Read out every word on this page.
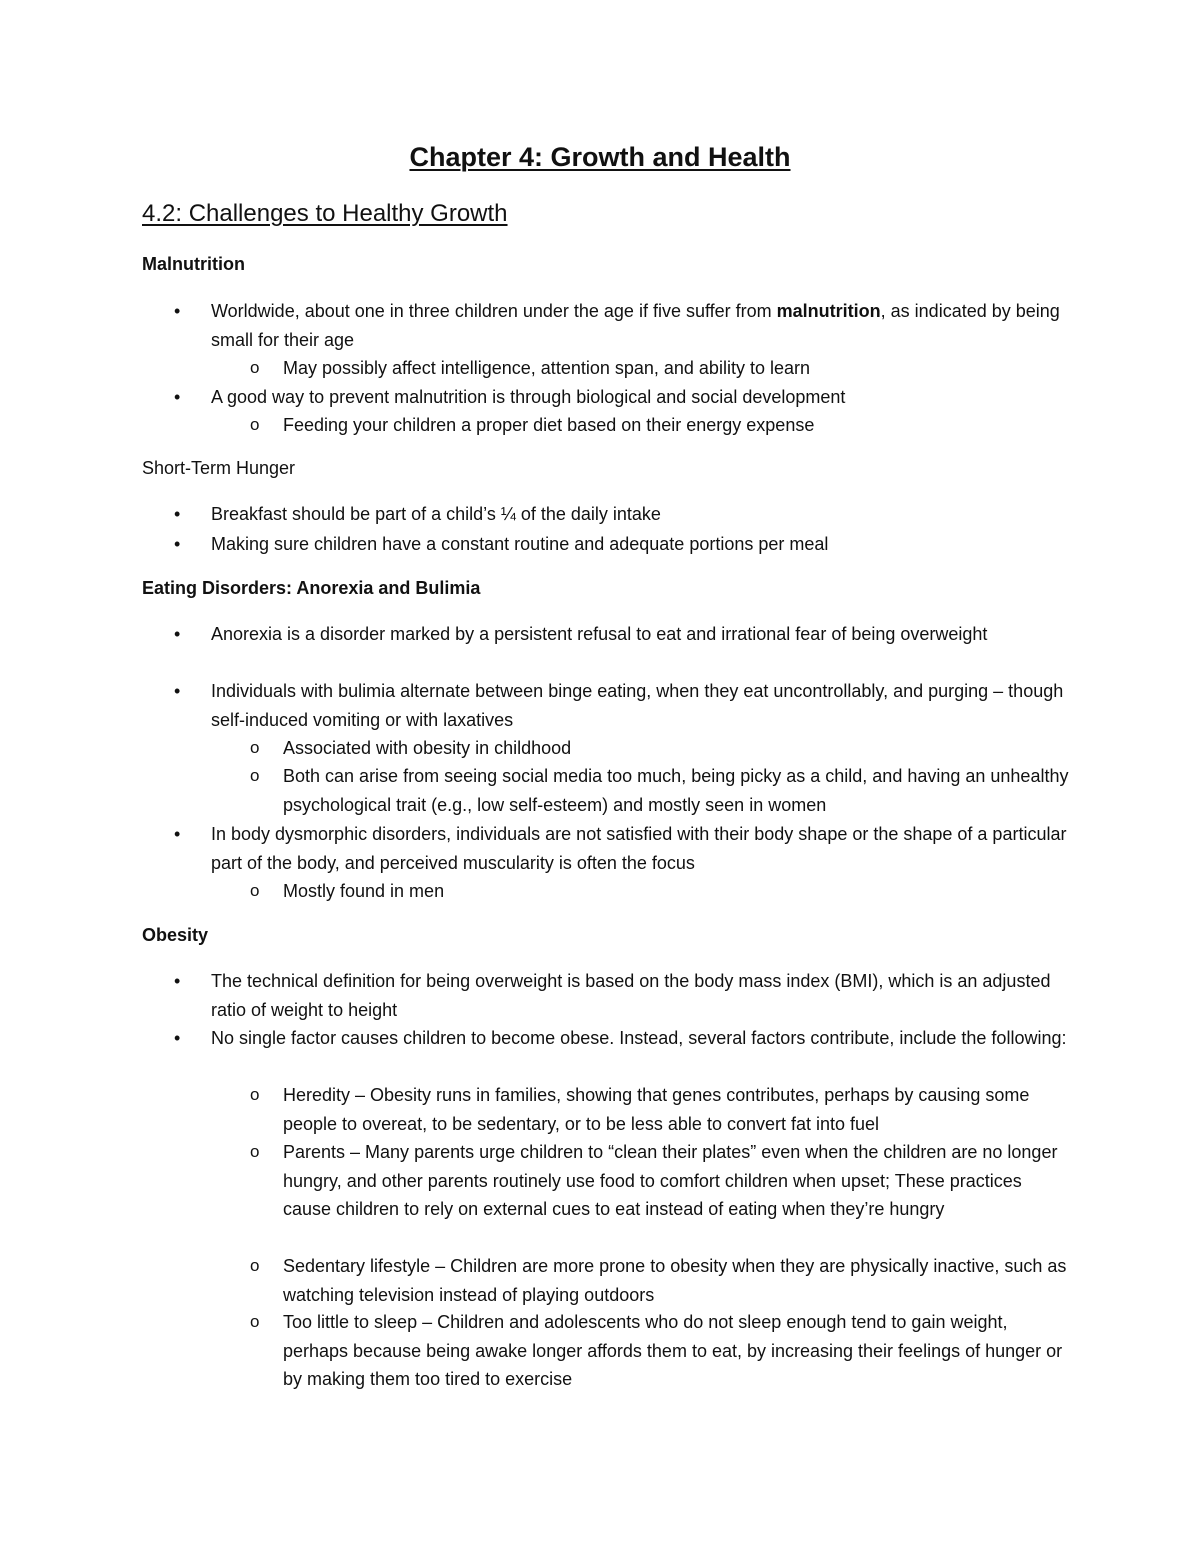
Chapter 4: Growth and Health
4.2: Challenges to Healthy Growth
Malnutrition
• Worldwide, about one in three children under the age if five suffer from malnutrition, as indicated by being small for their age

o May possibly affect intelligence, attention span, and ability to learn

• A good way to prevent malnutrition is through biological and social development

o Feeding your children a proper diet based on their energy expense

Short-Term Hunger
• Breakfast should be part of a child’s ¼ of the daily intake

• Making sure children have a constant routine and adequate portions per meal

Eating Disorders: Anorexia and Bulimia
• Anorexia is a disorder marked by a persistent refusal to eat and irrational fear of being overweight

• Individuals with bulimia alternate between binge eating, when they eat uncontrollably, and purging – though self-induced vomiting or with laxatives

o Associated with obesity in childhood

o Both can arise from seeing social media too much, being picky as a child, and having an unhealthy psychological trait (e.g., low self-esteem) and mostly seen in women

• In body dysmorphic disorders, individuals are not satisfied with their body shape or the shape of a particular part of the body, and perceived muscularity is often the focus

o Mostly found in men

Obesity
• The technical definition for being overweight is based on the body mass index (BMI), which is an adjusted ratio of weight to height

• No single factor causes children to become obese. Instead, several factors contribute, include the following:

o Heredity – Obesity runs in families, showing that genes contributes, perhaps by causing some people to overeat, to be sedentary, or to be less able to convert fat into fuel

o Parents – Many parents urge children to “clean their plates” even when the children are no longer hungry, and other parents routinely use food to comfort children when upset; These practices cause children to rely on external cues to eat instead of eating when they’re hungry

o Sedentary lifestyle – Children are more prone to obesity when they are physically inactive, such as watching television instead of playing outdoors

o Too little to sleep – Children and adolescents who do not sleep enough tend to gain weight, perhaps because being awake longer affords them to eat, by increasing their feelings of hunger or by making them too tired to exercise
